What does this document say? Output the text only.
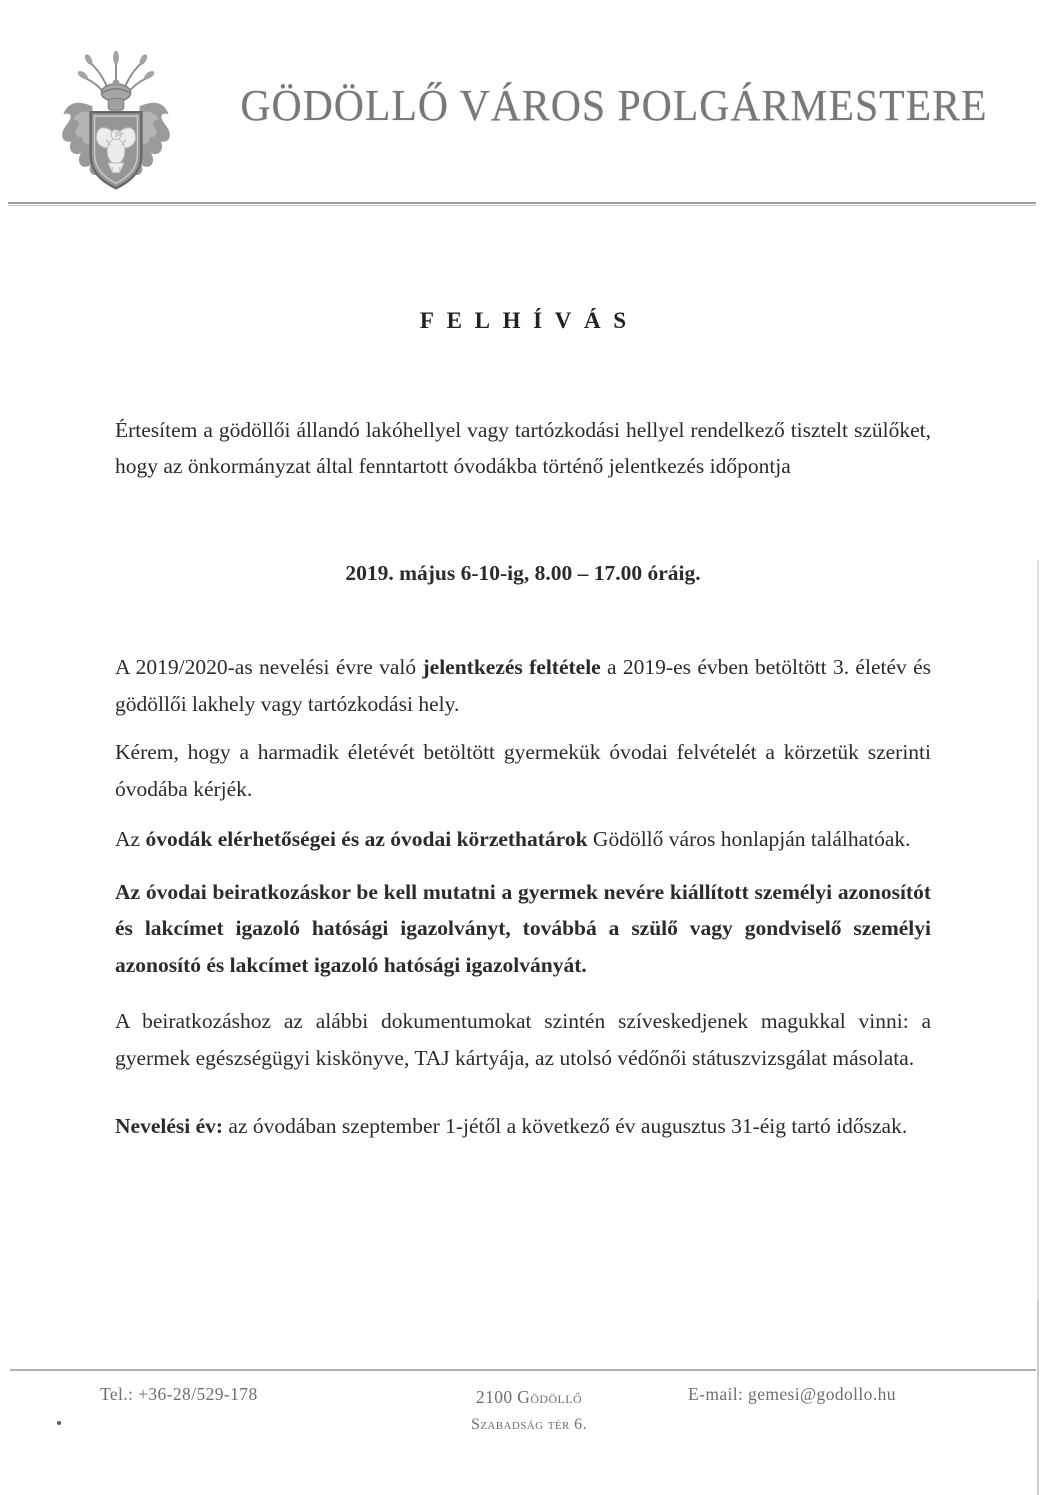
GÖDÖLLŐ VÁROS POLGÁRMESTERE
FELHÍVÁS

Értesítem a gödöllői állandó lakóhellyel vagy tartózkodási hellyel rendelkező tisztelt szülőket, hogy az önkormányzat által fenntartott óvodákba történő jelentkezés időpontja

2019. május 6-10-ig, 8.00 – 17.00 óráig.

A 2019/2020-as nevelési évre való jelentkezés feltétele a 2019-es évben betöltött 3. életév és gödöllői lakhely vagy tartózkodási hely.

Kérem, hogy a harmadik életévét betöltött gyermekük óvodai felvételét a körzetük szerinti óvodába kérjék.

Az óvodák elérhetőségei és az óvodai körzethatárok Gödöllő város honlapján találhatóak.

Az óvodai beiratkozáskor be kell mutatni a gyermek nevére kiállított személyi azonosítót és lakcímet igazoló hatósági igazolványt, továbbá a szülő vagy gondviselő személyi azonosító és lakcímet igazoló hatósági igazolványát.

A beiratkozáshoz az alábbi dokumentumokat szintén szíveskedjenek magukkal vinni: a gyermek egészségügyi kiskönyve, TAJ kártyája, az utolsó védőnői státuszvizsgálat másolata.

Nevelési év: az óvodában szeptember 1-jétől a következő év augusztus 31-éig tartó időszak.

Tel.: +36-28/529-178	2100 Gödöllő
Szabadság tér 6.
E-mail: gemesi@godollo.hu
